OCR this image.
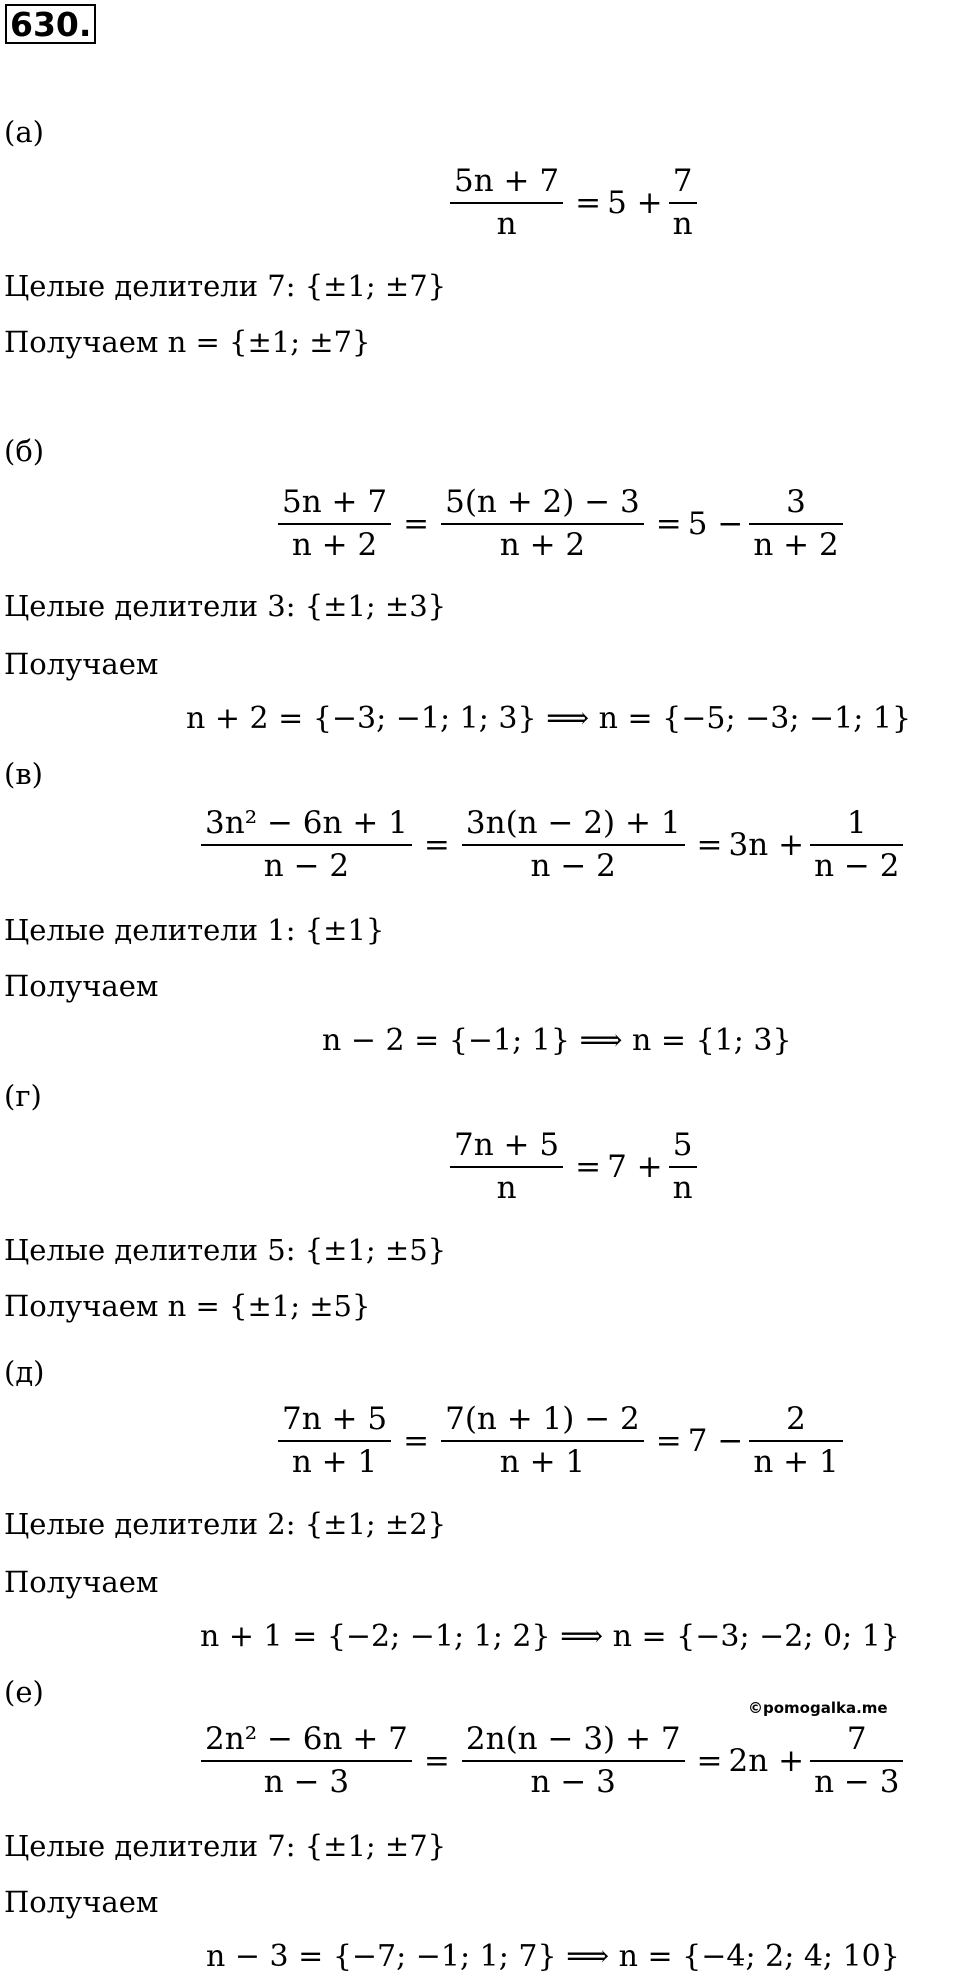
630.
(а)
$\frac{5n + 7}{n} = 5 + \frac{7}{n}$
Целые делители 7: {±1; ±7}
Получаем n = {±1; ±7}
(б)
$\frac{5n + 7}{n + 2} = \frac{5(n + 2) - 3}{n + 2} = 5 - \frac{3}{n + 2}$
Целые делители 3: {±1; ±3}
Получаем
n + 2 = {−3; −1; 1; 3} ⟹ n = {−5; −3; −1; 1}
(в)
$\frac{\text{3n² − 6n + 1}}{n - 2} = \frac{3n(n - 2) + 1}{n - 2} = 3n + \frac{1}{n - 2}$
Целые делители 1: {±1}
Получаем
n − 2 = {−1; 1} ⟹ n = {1; 3}
(г)
$\frac{7n + 5}{n} = 7 + \frac{5}{n}$
Целые делители 5: {±1; ±5}
Получаем n = {±1; ±5}
(д)
$\frac{7n + 5}{n + 1} = \frac{7(n + 1) - 2}{n + 1} = 7 - \frac{2}{n + 1}$
Целые делители 2: {±1; ±2}
Получаем
n + 1 = {−2; −1; 1; 2} ⟹ n = {−3; −2; 0; 1}
(е)	©pomogalka.me
$\frac{\text{2n² − 6n + 7}}{n - 3} = \frac{2n(n - 3) + 7}{n - 3} = 2n + \frac{7}{n - 3}$
Целые делители 7: {±1; ±7}
Получаем
n − 3 = {−7; −1; 1; 7} ⟹ n = {−4; 2; 4; 10}
